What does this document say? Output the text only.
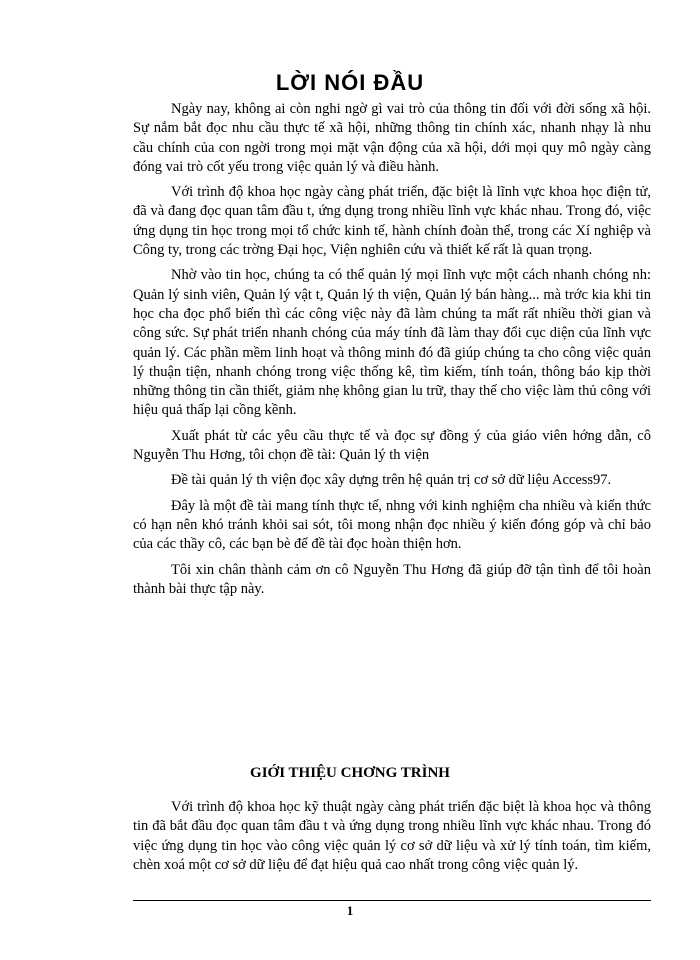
LỜI NÓI ĐẦU

Ngày nay, không ai còn nghi ngờ gì vai trò của thông tin đối với đời sống xã hội. Sự nắm bắt đọc nhu cầu thực tế xã hội, những thông tin chính xác, nhanh nhạy là nhu cầu chính của con ngời trong mọi mặt vận động của xã hội, dới mọi quy mô ngày càng đóng vai trò cốt yếu trong việc quản lý và điều hành.

Với trình độ khoa học ngày càng phát triển, đặc biệt là lĩnh vực khoa học điện tử, đã và đang đọc quan tâm đầu t, ứng dụng trong nhiều lĩnh vực khác nhau. Trong đó, việc ứng dụng tin học trong mọi tổ chức kinh tế, hành chính đoàn thể, trong các Xí nghiệp và Công ty, trong các trờng Đại học, Viện nghiên cứu và thiết kế rất là quan trọng.

Nhờ vào tin học, chúng ta có thể quản lý mọi lĩnh vực một cách nhanh chóng nh: Quản lý sinh viên, Quản lý vật t, Quản lý th viện, Quản lý bán hàng... mà trớc kia khi tin học cha đọc phổ biến thì các công việc này đã làm chúng ta mất rất nhiều thời gian và công sức. Sự phát triển nhanh chóng của máy tính đã làm thay đổi cục diện của lĩnh vực quản lý. Các phần mềm linh hoạt và thông minh đó đã giúp chúng ta cho công việc quản lý thuận tiện, nhanh chóng trong việc thống kê, tìm kiếm, tính toán, thông báo kịp thời những thông tin cần thiết, giảm nhẹ không gian lu trữ, thay thế cho việc làm thủ công với hiệu quả thấp lại cồng kềnh.

Xuất phát từ các yêu cầu thực tế và đọc sự đồng ý của giáo viên hớng dẫn, cô Nguyễn Thu Hơng, tôi chọn đề tài: Quản lý th viện

Đề tài quản lý th viện đọc xây dựng trên hệ quản trị cơ sở dữ liệu Access97.

Đây là một đề tài mang tính thực tế, nhng với kinh nghiệm cha nhiều và kiến thức có hạn nên khó tránh khỏi sai sót, tôi mong nhận đọc nhiều ý kiến đóng góp và chỉ bảo của các thầy cô, các bạn bè để đề tài đọc hoàn thiện hơn.

Tôi xin chân thành cảm ơn cô Nguyễn Thu Hơng đã giúp đỡ tận tình để tôi hoàn thành bài thực tập này.

GIỚI THIỆU CHƠNG TRÌNH

Với trình độ khoa học kỹ thuật ngày càng phát triển đặc biệt là khoa học và thông tin đã bắt đầu đọc quan tâm đầu t và ứng dụng trong nhiều lĩnh vực khác nhau. Trong đó việc ứng dụng tin học vào công việc quản lý cơ sở dữ liệu và xử lý tính toán, tìm kiếm, chèn xoá một cơ sở dữ liệu để đạt hiệu quả cao nhất trong công việc quản lý.

1
